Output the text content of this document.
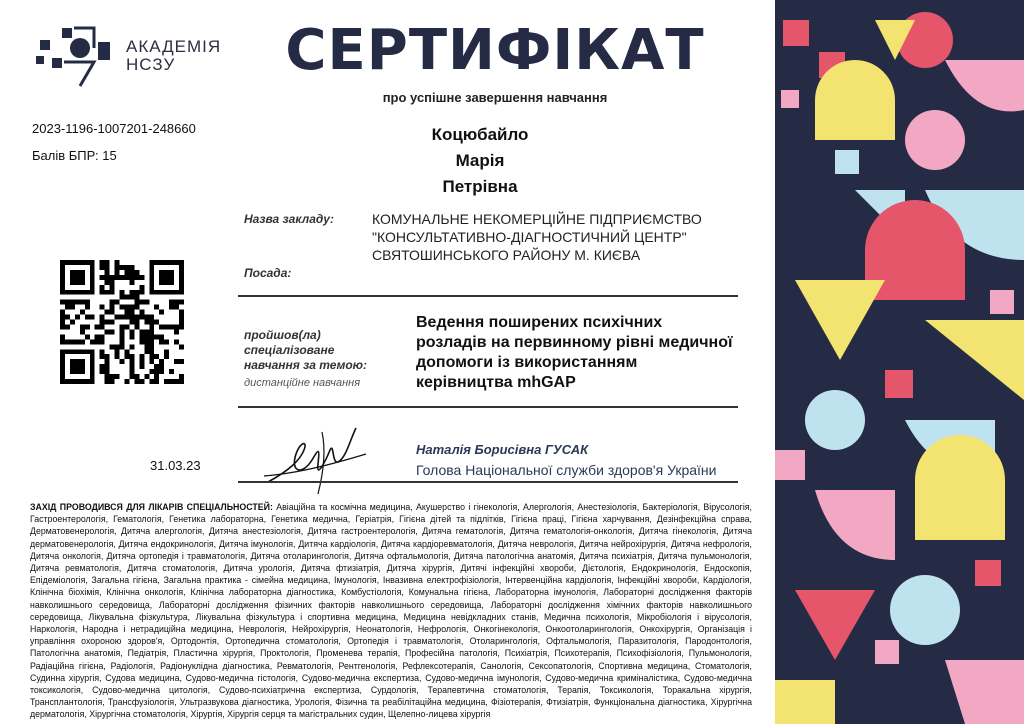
АКАДЕМІЯ
НСЗУ	СЕРТИФІКАТ
про успішне завершення навчання
2023-1196-1007201-248660
Балів БПР: 15
Коцюбайло
Марія
Петрівна
Назва закладу:	КОМУНАЛЬНЕ НЕКОМЕРЦІЙНЕ ПІДПРИЄМСТВО
"КОНСУЛЬТАТИВНО-ДІАГНОСТИЧНИЙ ЦЕНТР"
СВЯТОШИНСЬКОГО РАЙОНУ М. КИЄВА
Посада:
пройшов(ла)
спеціалізоване
навчання за темою:
дистанційне навчання
Ведення поширених психічних
розладів на первинному рівні медичної
допомоги із використанням
керівництва mhGAP
31.03.23
Наталія Борисівна ГУСАК
Голова Національної служби здоров'я України
ЗАХІД ПРОВОДИВСЯ ДЛЯ ЛІКАРІВ СПЕЦІАЛЬНОСТЕЙ: Авіаційна та космічна медицина, Акушерство і гінекологія, Алергологія, Анестезіологія, Бактеріологія, Вірусологія, Гастроентерологія, Гематологія, Генетика лабораторна, Генетика медична, Геріатрія, Гігієна дітей та підлітків, Гігієна праці, Гігієна харчування, Дезінфекційна справа, Дерматовенерологія, Дитяча алергологія, Дитяча анестезіологія, Дитяча гастроентерологія, Дитяча гематологія, Дитяча гематологія-онкологія, Дитяча гінекологія, Дитяча дерматовенерологія, Дитяча ендокринологія, Дитяча імунологія, Дитяча кардіологія, Дитяча кардіоревматологія, Дитяча неврологія, Дитяча нейрохірургія, Дитяча нефрологія, Дитяча онкологія, Дитяча ортопедія і травматологія, Дитяча отоларингологія, Дитяча офтальмологія, Дитяча патологічна анатомія, Дитяча психіатрія, Дитяча пульмонологія, Дитяча ревматологія, Дитяча стоматологія, Дитяча урологія, Дитяча фтизіатрія, Дитяча хірургія, Дитячі інфекційні хвороби, Дієтологія, Ендокринологія, Ендоскопія, Епідеміологія, Загальна гігієна, Загальна практика - сімейна медицина, Імунологія, Інвазивна електрофізіологія, Інтервенційна кардіологія, Інфекційні хвороби, Кардіологія, Клінічна біохімія, Клінічна онкологія, Клінічна лабораторна діагностика, Комбустіологія, Комунальна гігієна, Лабораторна імунологія, Лабораторні дослідження факторів навколишнього середовища, Лабораторні дослідження фізичних факторів навколишнього середовища, Лабораторні дослідження хімічних факторів навколишнього середовища, Лікувальна фізкультура, Лікувальна фізкультура і спортивна медицина, Медицина невідкладних станів, Медична психологія, Мікробіологія і вірусологія, Наркологія, Народна і нетрадиційна медицина, Неврологія, Нейрохірургія, Неонатологія, Нефрологія, Онкогінекологія, Онкоотоларингологія, Онкохірургія, Організація і управління охороною здоров'я, Ортодонтія, Ортопедична стоматологія, Ортопедія і травматологія, Отоларингологія, Офтальмологія, Паразитологія, Пародонтологія, Патологічна анатомія, Педіатрія, Пластична хірургія, Проктологія, Променева терапія, Професійна патологія, Психіатрія, Психотерапія, Психофізіологія, Пульмонологія, Радіаційна гігієна, Радіологія, Радіонуклідна діагностика, Ревматологія, Рентгенологія, Рефлексотерапія, Санологія, Сексопатологія, Спортивна медицина, Стоматологія, Судинна хірургія, Судова медицина, Судово-медична гістологія, Судово-медична експертиза, Судово-медична імунологія, Судово-медична криміналістика, Судово-медична токсикологія, Судово-медична цитологія, Судово-психіатрична експертиза, Сурдологія, Терапевтична стоматологія, Терапія, Токсикологія, Торакальна хірургія, Трансплантологія, Трансфузіологія, Ультразвукова діагностика, Урологія, Фізична та реабілітаційна медицина, Фізіотерапія, Фтизіатрія, Функціональна діагностика, Хірургічна дерматологія, Хірургічна стоматологія, Хірургія, Хірургія серця та магістральних судин, Щелепно-лицева хірургія
